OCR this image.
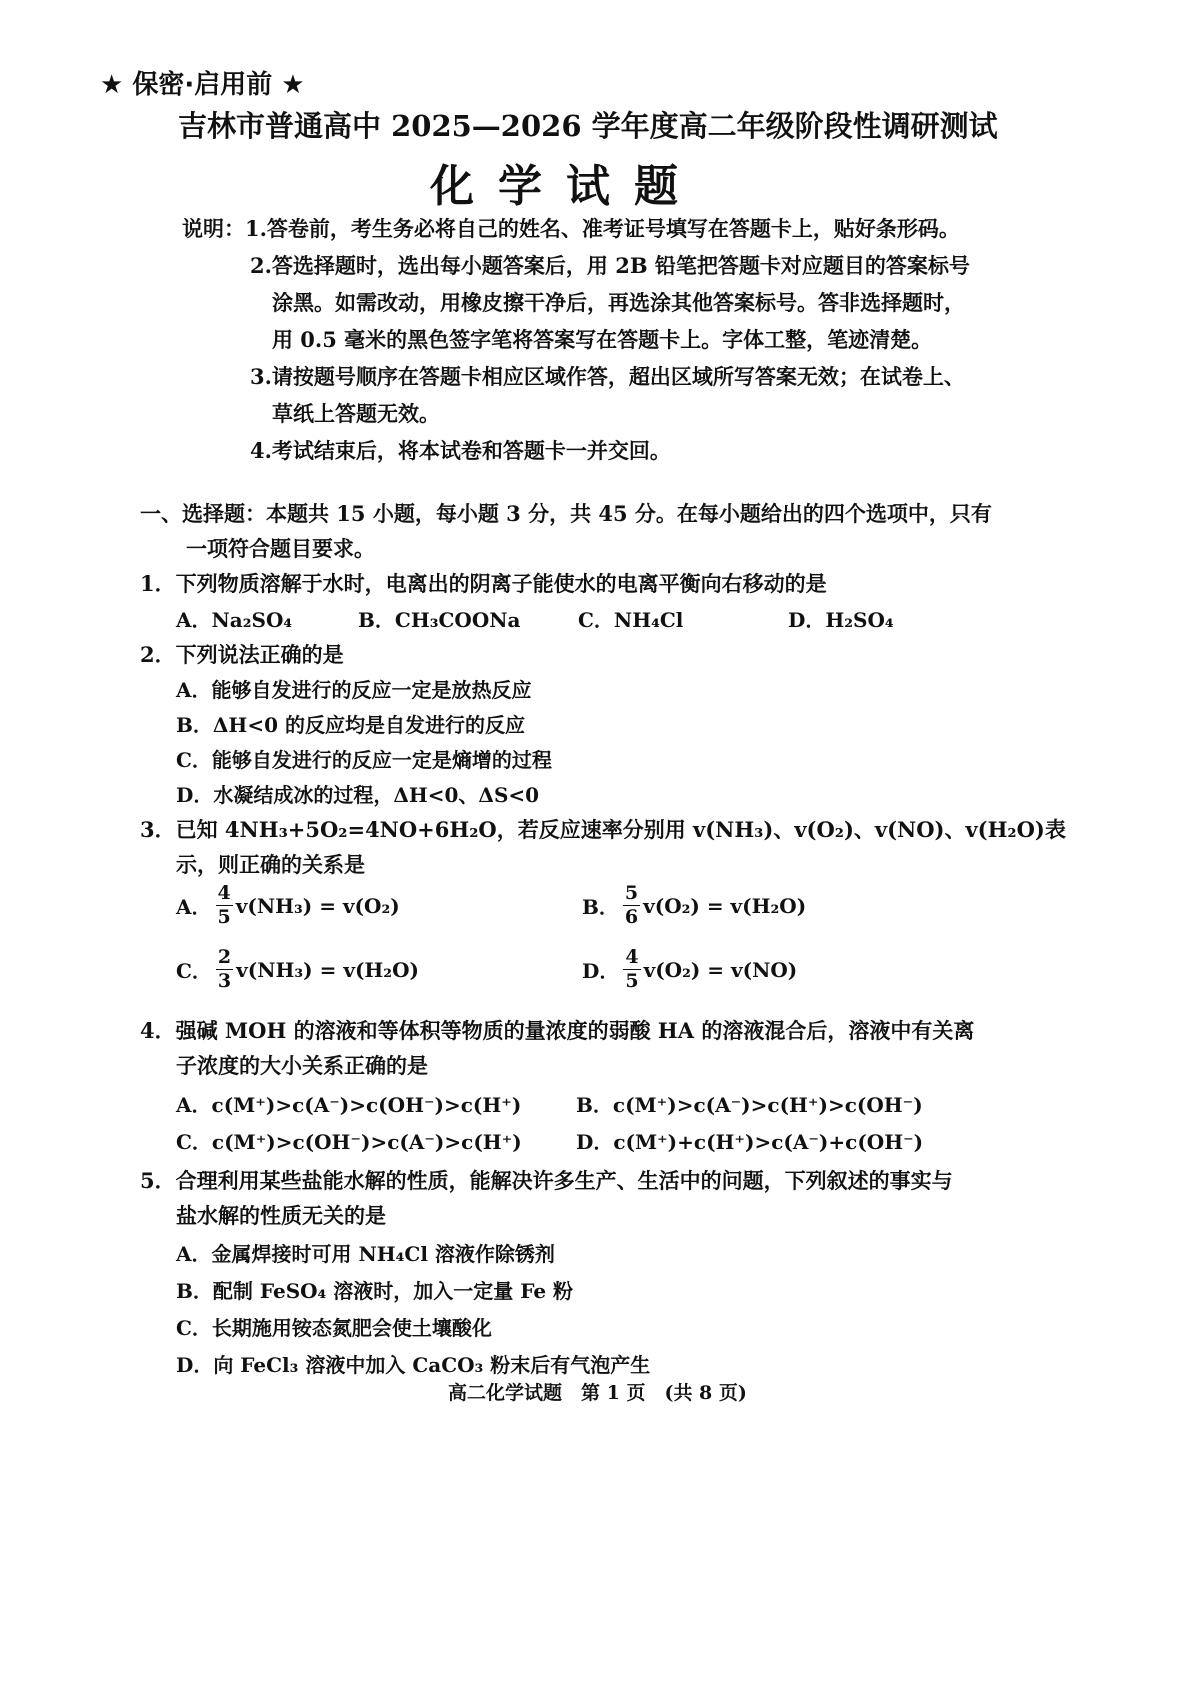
★ 保密·启用前 ★
吉林市普通高中 2025—2026 学年度高二年级阶段性调研测试
化学试题
说明：1.答卷前，考生务必将自己的姓名、准考证号填写在答题卡上，贴好条形码。
2.答选择题时，选出每小题答案后，用 2B 铅笔把答题卡对应题目的答案标号
涂黑。如需改动，用橡皮擦干净后，再选涂其他答案标号。答非选择题时，
用 0.5 毫米的黑色签字笔将答案写在答题卡上。字体工整，笔迹清楚。
3.请按题号顺序在答题卡相应区域作答，超出区域所写答案无效；在试卷上、
草纸上答题无效。
4.考试结束后，将本试卷和答题卡一并交回。
一、选择题：本题共 15 小题，每小题 3 分，共 45 分。在每小题给出的四个选项中，只有
一项符合题目要求。
1．下列物质溶解于水时，电离出的阴离子能使水的电离平衡向右移动的是
A．Na₂SO₄	B．CH₃COONa	C．NH₄Cl	D．H₂SO₄
2．下列说法正确的是
A．能够自发进行的反应一定是放热反应
B．ΔH<0 的反应均是自发进行的反应
C．能够自发进行的反应一定是熵增的过程
D．水凝结成冰的过程，ΔH<0、ΔS<0
3．已知 4NH₃+5O₂=4NO+6H₂O，若反应速率分别用 v(NH₃)、v(O₂)、v(NO)、v(H₂O)表
示，则正确的关系是
A． $\frac{4}{5} v(NH_3) = v(O_2)$	B． $\frac{5}{6} v(O_2) = v(H_2O)$
C． $\frac{2}{3} v(NH_3) = v(H_2O)$	D． $\frac{4}{5} v(O_2) = v(NO)$
4．强碱 MOH 的溶液和等体积等物质的量浓度的弱酸 HA 的溶液混合后，溶液中有关离
子浓度的大小关系正确的是
A．c(M⁺)>c(A⁻)>c(OH⁻)>c(H⁺)	B．c(M⁺)>c(A⁻)>c(H⁺)>c(OH⁻)
C．c(M⁺)>c(OH⁻)>c(A⁻)>c(H⁺)	D．c(M⁺)+c(H⁺)>c(A⁻)+c(OH⁻)
5．合理利用某些盐能水解的性质，能解决许多生产、生活中的问题，下列叙述的事实与
盐水解的性质无关的是
A．金属焊接时可用 NH₄Cl 溶液作除锈剂
B．配制 FeSO₄ 溶液时，加入一定量 Fe 粉
C．长期施用铵态氮肥会使土壤酸化
D．向 FeCl₃ 溶液中加入 CaCO₃ 粉末后有气泡产生
高二化学试题　第 1 页　(共 8 页)
